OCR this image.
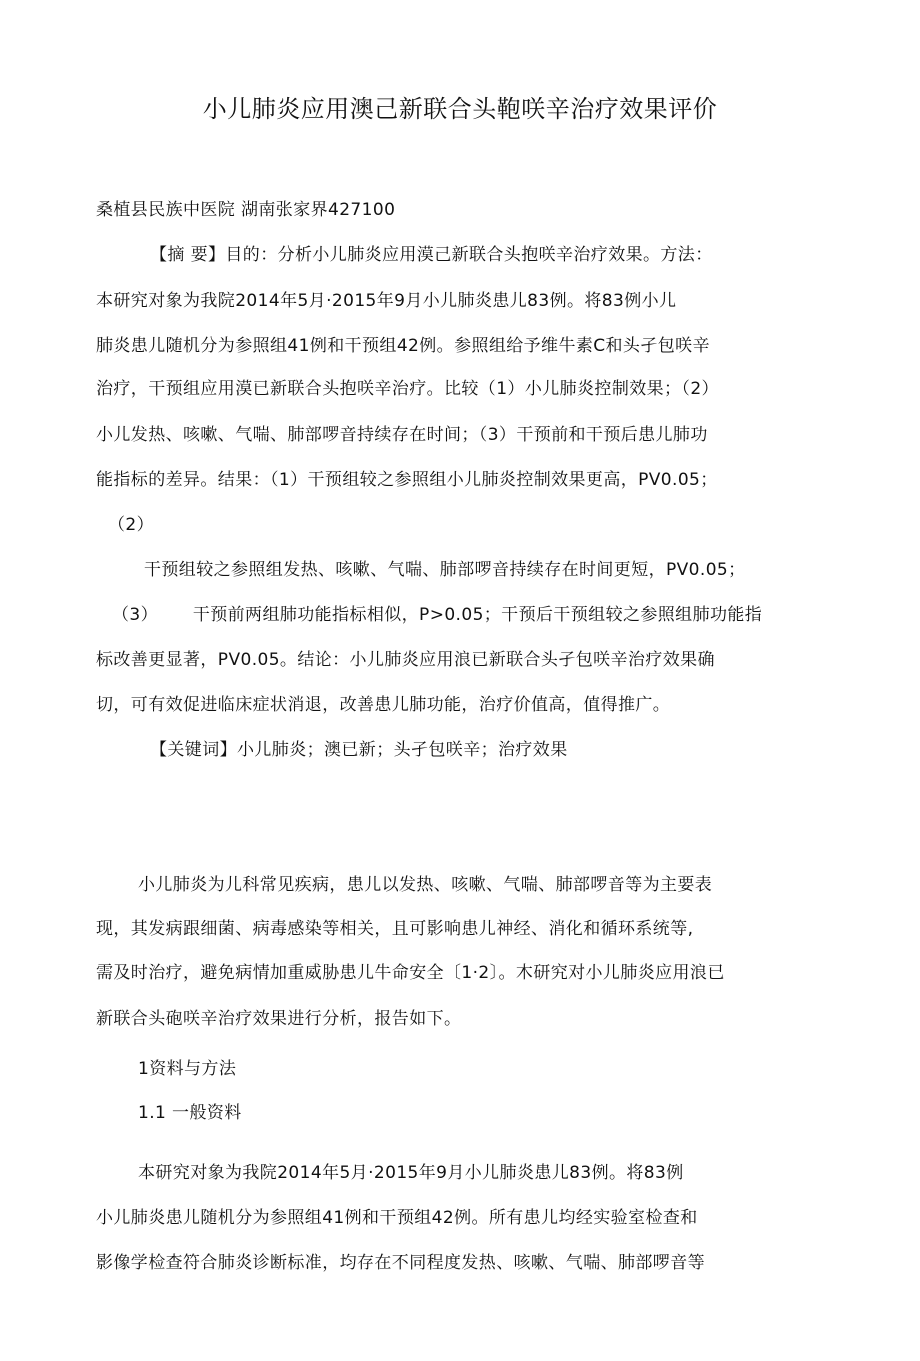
小儿肺炎应用澳己新联合头鞄咲辛治疗效果评价
桑植县民族中医院 湖南张家界427100
【摘 要】目的：分析小儿肺炎应用漠己新联合头抱咲辛治疗效果。方法：
本研究对象为我院2014年5月·2015年9月小儿肺炎患儿83例。将83例小儿
肺炎患儿随机分为参照组41例和干预组42例。参照组给予维牛素C和头孑包咲辛
治疗，干预组应用漠已新联合头抱咲辛治疗。比较（1）小儿肺炎控制效果；（2）
小儿发热、咳嗽、气喘、肺部啰音持续存在时间；（3）干预前和干预后患儿肺功
能指标的差异。结果：（1）干预组较之参照组小儿肺炎控制效果更高，PV0.05；
（2）
干预组较之参照组发热、咳嗽、气喘、肺部啰音持续存在时间更短，PV0.05；
（3）      干预前两组肺功能指标相似，P>0.05；干预后干预组较之参照组肺功能指
标改善更显著，PV0.05。结论：小儿肺炎应用浪已新联合头孑包咲辛治疗效果确
切，可有效促进临床症状消退，改善患儿肺功能，治疗价值高，值得推广。
【关键词】小儿肺炎；澳已新；头孑包咲辛；治疗效果
小儿肺炎为儿科常见疾病，患儿以发热、咳嗽、气喘、肺部啰音等为主要表
现，其发病跟细菌、病毒感染等相关，且可影响患儿神经、消化和循环系统等,
需及时治疗，避免病情加重威胁患儿牛命安全〔1·2〕。木研究对小儿肺炎应用浪已
新联合头砲咲辛治疗效果进行分析，报告如下。
1资料与方法
1.1 一般资料
本研究对象为我院2014年5月·2015年9月小儿肺炎患儿83例。将83例
小儿肺炎患儿随机分为参照组41例和干预组42例。所有患儿均经实验室检查和
影像学检查符合肺炎诊断标准，均存在不同程度发热、咳嗽、气喘、肺部啰音等
